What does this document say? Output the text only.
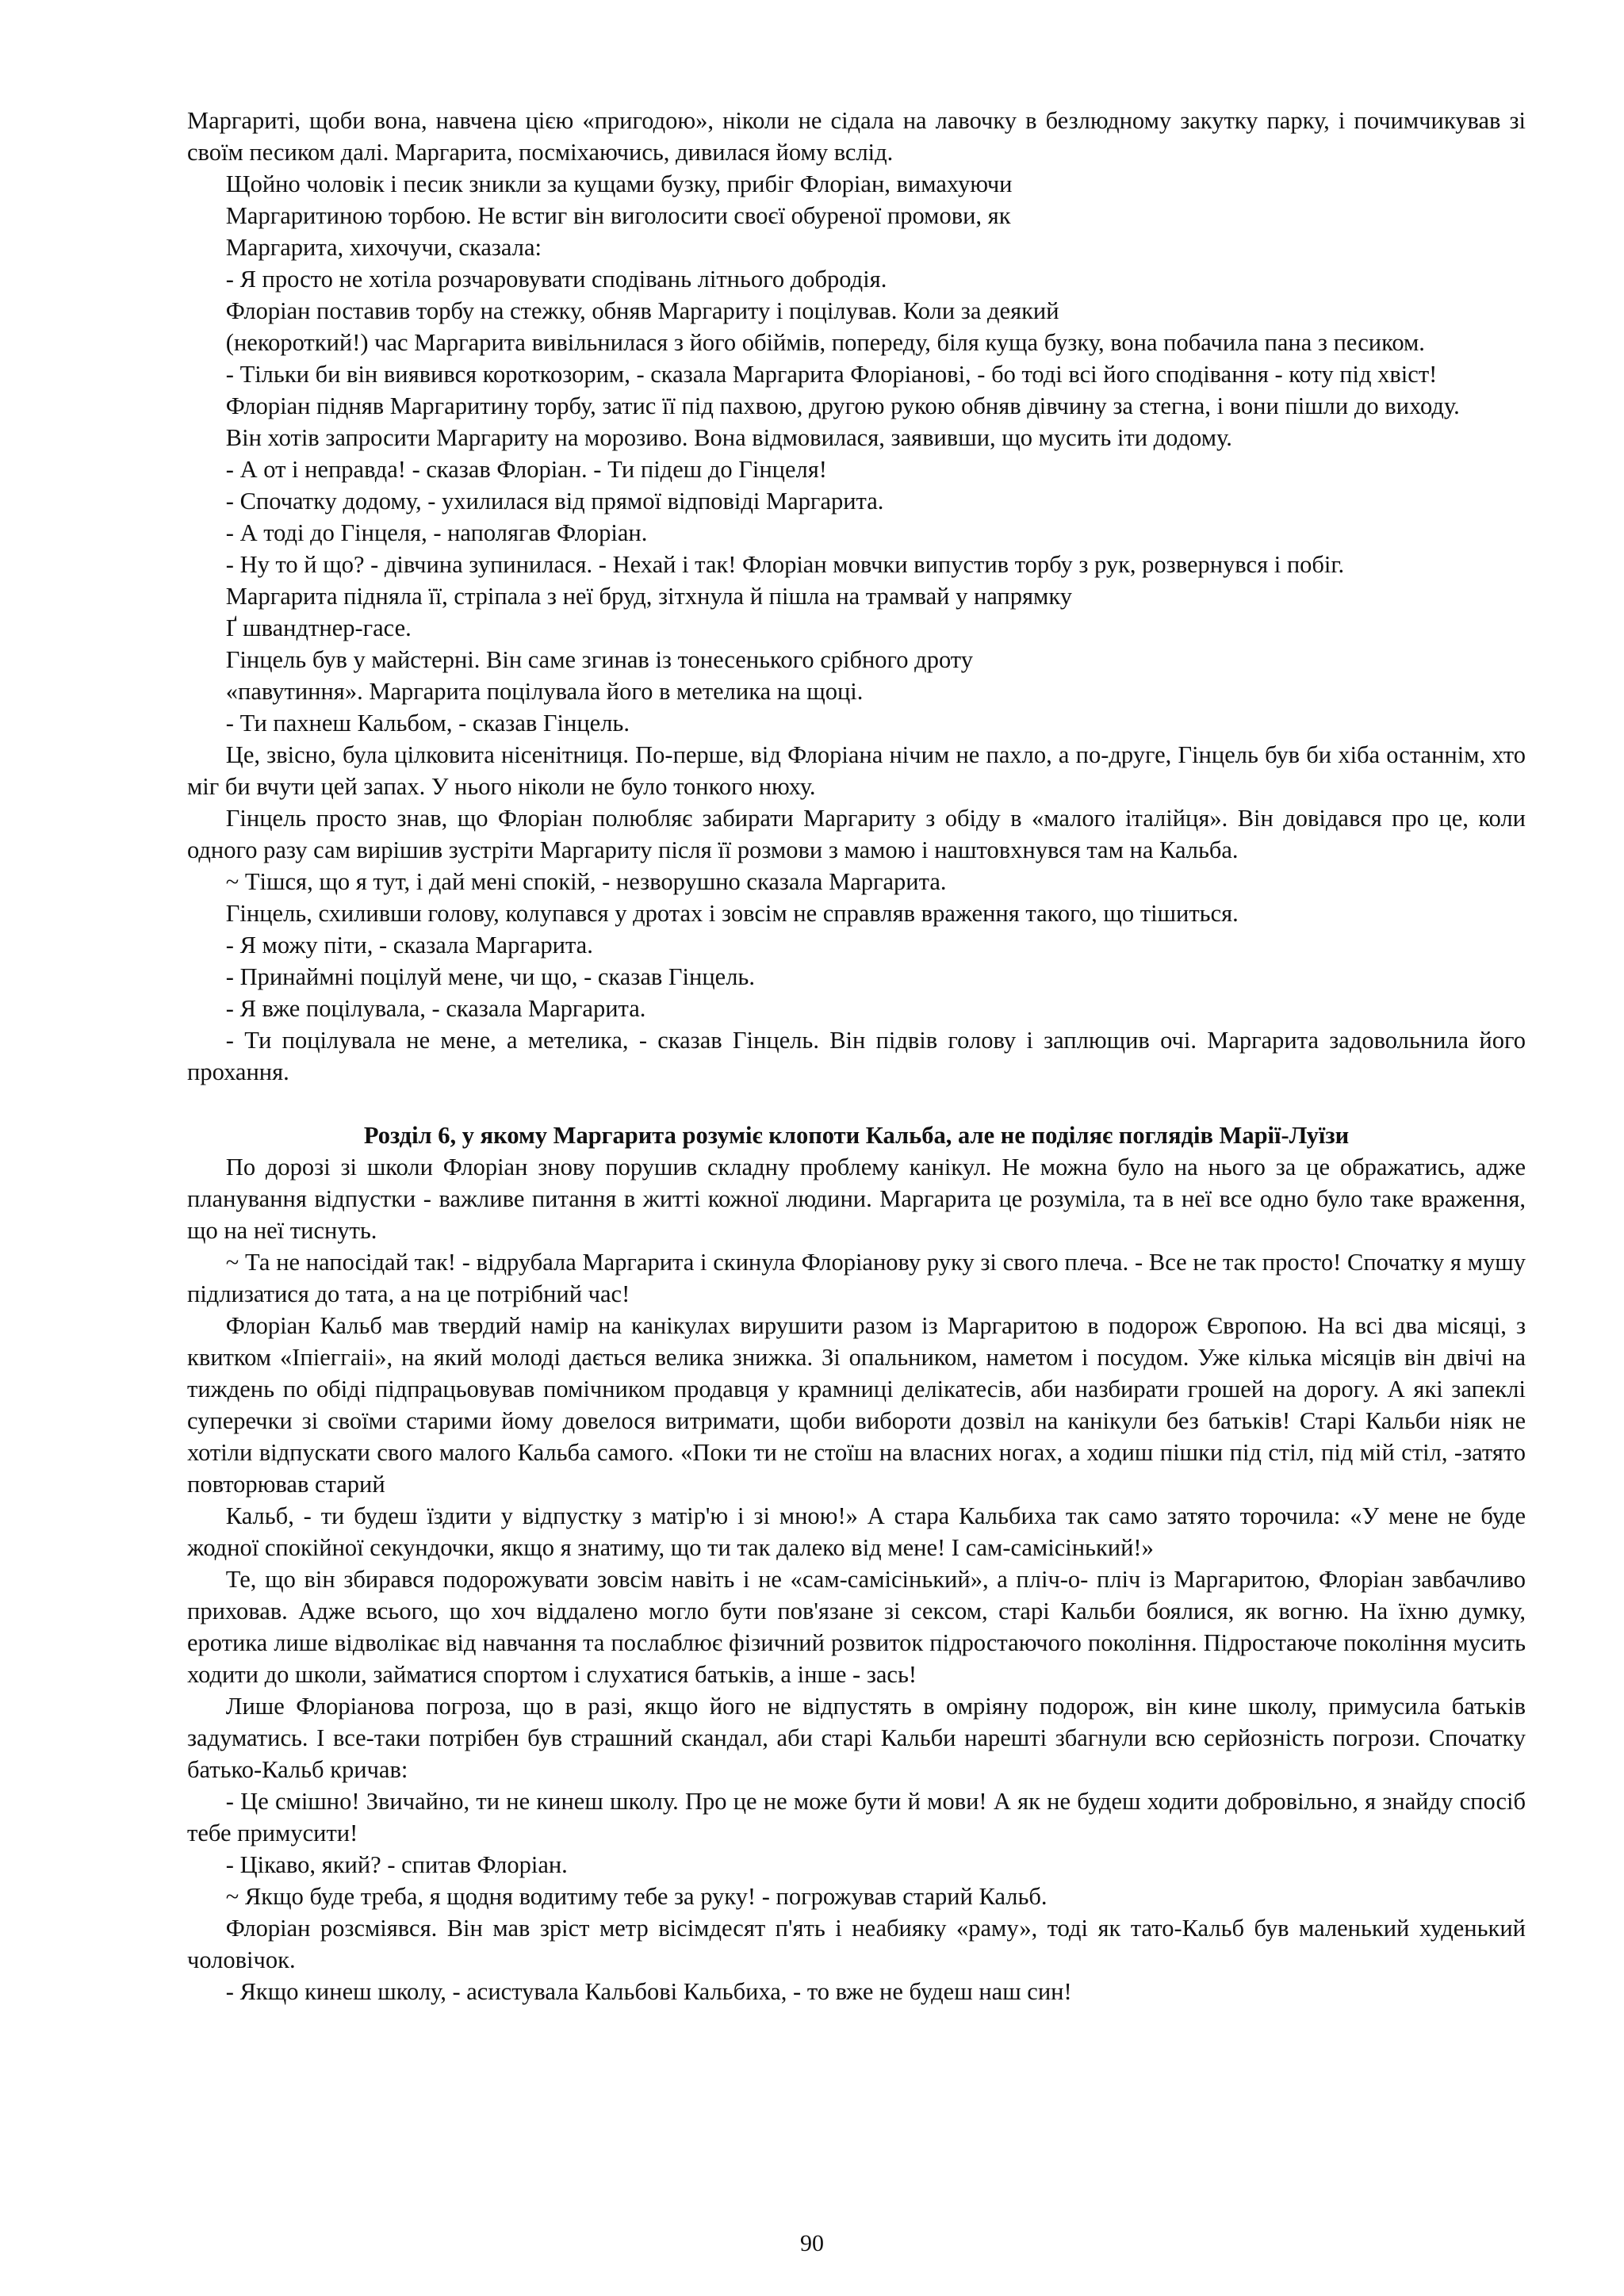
Маргариті, щоби вона, навчена цією «пригодою», ніколи не сідала на лавочку в безлюдному закутку парку, і почимчикував зі своїм песиком далі. Маргарита, посміхаючись, дивилася йому вслід.

Щойно чоловік і песик зникли за кущами бузку, прибіг Флоріан, вимахуючи

Маргаритиною торбою. Не встиг він виголосити своєї обуреної промови, як

Маргарита, хихочучи, сказала:

- Я просто не хотіла розчаровувати сподівань літнього добродія.

Флоріан поставив торбу на стежку, обняв Маргариту і поцілував. Коли за деякий

(некороткий!) час Маргарита вивільнилася з його обіймів, попереду, біля куща бузку, вона побачила пана з песиком.

- Тільки би він виявився короткозорим, - сказала Маргарита Флоріанові, - бо тоді всі його сподівання - коту під хвіст!

Флоріан підняв Маргаритину торбу, затис її під пахвою, другою рукою обняв дівчину за стегна, і вони пішли до виходу.

Він хотів запросити Маргариту на морозиво. Вона відмовилася, заявивши, що мусить іти додому.

- А от і неправда! - сказав Флоріан. - Ти підеш до Гінцеля!

- Спочатку додому, - ухилилася від прямої відповіді Маргарита.

- А тоді до Гінцеля, - наполягав Флоріан.

- Ну то й що? - дівчина зупинилася. - Нехай і так! Флоріан мовчки випустив торбу з рук, розвернувся і побіг.

Маргарита підняла її, стріпала з неї бруд, зітхнула й пішла на трамвай у напрямку

Ґ швандтнер-гасе.

Гінцель був у майстерні. Він саме згинав із тонесенького срібного дроту

«павутиння». Маргарита поцілувала його в метелика на щоці.

- Ти пахнеш Кальбом, - сказав Гінцель.

Це, звісно, була цілковита нісенітниця. По-перше, від Флоріана нічим не пахло, а по-друге, Гінцель був би хіба останнім, хто міг би вчути цей запах. У нього ніколи не було тонкого нюху.

Гінцель просто знав, що Флоріан полюбляє забирати Маргариту з обіду в «малого італійця». Він довідався про це, коли одного разу сам вирішив зустріти Маргариту після її розмови з мамою і наштовхнувся там на Кальба.

~ Тішся, що я тут, і дай мені спокій, - незворушно сказала Маргарита.

Гінцель, схиливши голову, колупався у дротах і зовсім не справляв враження такого, що тішиться.

- Я можу піти, - сказала Маргарита.

- Принаймні поцілуй мене, чи що, - сказав Гінцель.

- Я вже поцілувала, - сказала Маргарита.

- Ти поцілувала не мене, а метелика, - сказав Гінцель. Він підвів голову і заплющив очі. Маргарита задовольнила його прохання.

Розділ 6, у якому Маргарита розуміє клопоти Кальба, але не поділяє поглядів Марії-Луїзи

По дорозі зі школи Флоріан знову порушив складну проблему канікул. Не можна було на нього за це ображатись, адже планування відпустки - важливе питання в житті кожної людини. Маргарита це розуміла, та в неї все одно було таке враження, що на неї тиснуть.

~ Та не напосідай так! - відрубала Маргарита і скинула Флоріанову руку зі свого плеча. - Все не так просто! Спочатку я мушу підлизатися до тата, а на це потрібний час!

Флоріан Кальб мав твердий намір на канікулах вирушити разом із Маргаритою в подорож Європою. На всі два місяці, з квитком «Іпіеггаіі», на який молоді дається велика знижка. Зі опальником, наметом і посудом. Уже кілька місяців він двічі на тиждень по обіді підпрацьовував помічником продавця у крамниці делікатесів, аби назбирати грошей на дорогу. А які запеклі суперечки зі своїми старими йому довелося витримати, щоби вибороти дозвіл на канікули без батьків! Старі Кальби ніяк не хотіли відпускати свого малого Кальба самого. «Поки ти не стоїш на власних ногах, а ходиш пішки під стіл, під мій стіл, -затято повторював старий

Кальб, - ти будеш їздити у відпустку з матір'ю і зі мною!» А стара Кальбиха так само затято торочила: «У мене не буде жодної спокійної секундочки, якщо я знатиму, що ти так далеко від мене! І сам-самісінький!»

Те, що він збирався подорожувати зовсім навіть і не «сам-самісінький», а пліч-о- пліч із Маргаритою, Флоріан завбачливо приховав. Адже всього, що хоч віддалено могло бути пов'язане зі сексом, старі Кальби боялися, як вогню. На їхню думку, еротика лише відволікає від навчання та послаблює фізичний розвиток підростаючого покоління. Підростаюче покоління мусить ходити до школи, займатися спортом і слухатися батьків, а інше - зась!

Лише Флоріанова погроза, що в разі, якщо його не відпустять в омріяну подорож, він кине школу, примусила батьків задуматись. І все-таки потрібен був страшний скандал, аби старі Кальби нарешті збагнули всю серйозність погрози. Спочатку батько-Кальб кричав:

- Це смішно! Звичайно, ти не кинеш школу. Про це не може бути й мови! А як не будеш ходити добровільно, я знайду спосіб тебе примусити!

- Цікаво, який? - спитав Флоріан.

~ Якщо буде треба, я щодня водитиму тебе за руку! - погрожував старий Кальб.

Флоріан розсміявся. Він мав зріст метр вісімдесят п'ять і неабияку «раму», тоді як тато-Кальб був маленький худенький чоловічок.

- Якщо кинеш школу, - асистувала Кальбові Кальбиха, - то вже не будеш наш син!

90
